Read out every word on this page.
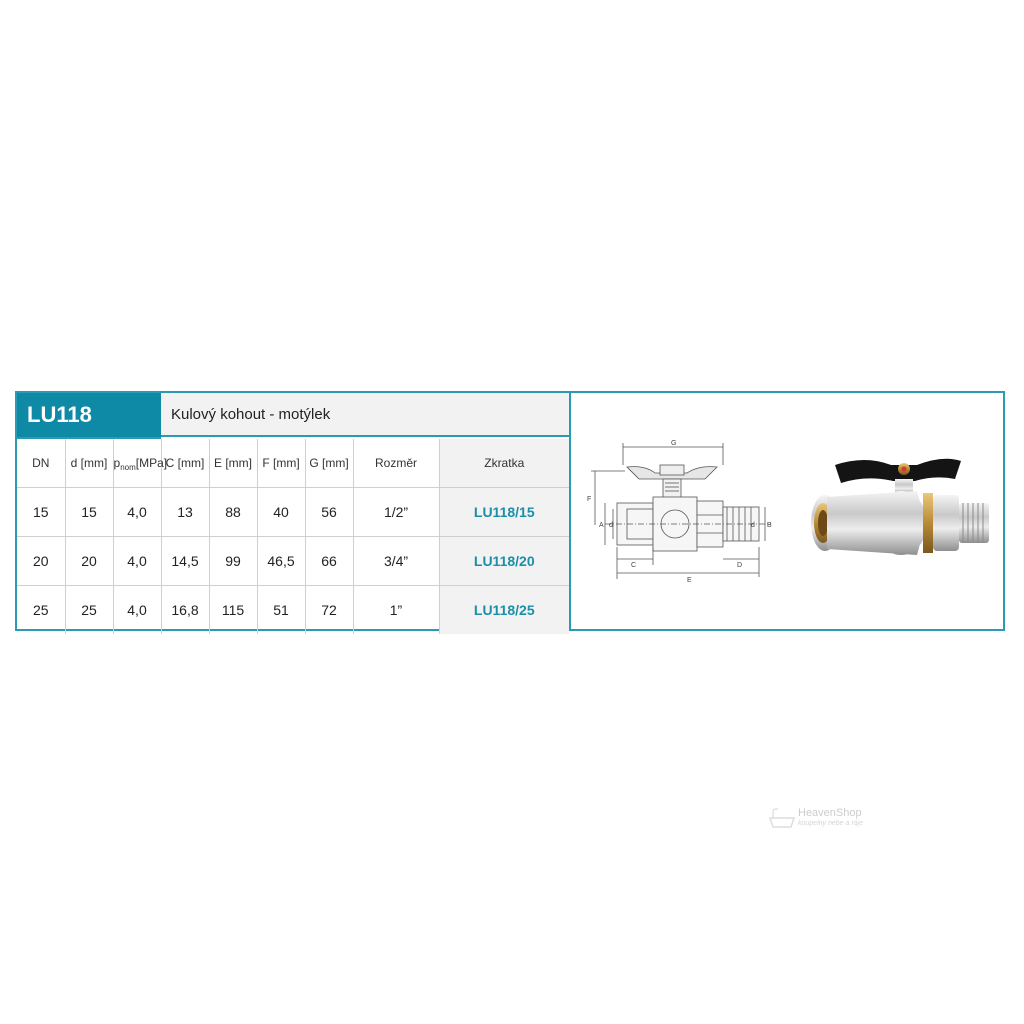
LU118	Kulový kohout - motýlek
DN	d [mm]	$p_{nom}[MPa]$	C [mm]	E [mm]	F [mm]	G [mm]	Rozměr	Zkratka
15	15	4,0	13	88	40	56	1/2”	LU118/15
20	20	4,0	14,5	99	46,5	66	3/4”	LU118/20
25	25	4,0	16,8	115	51	72	1”	LU118/25
G
F
C
E
D
A d	B
d
HeavenShop
koupelny nebe a ráje
